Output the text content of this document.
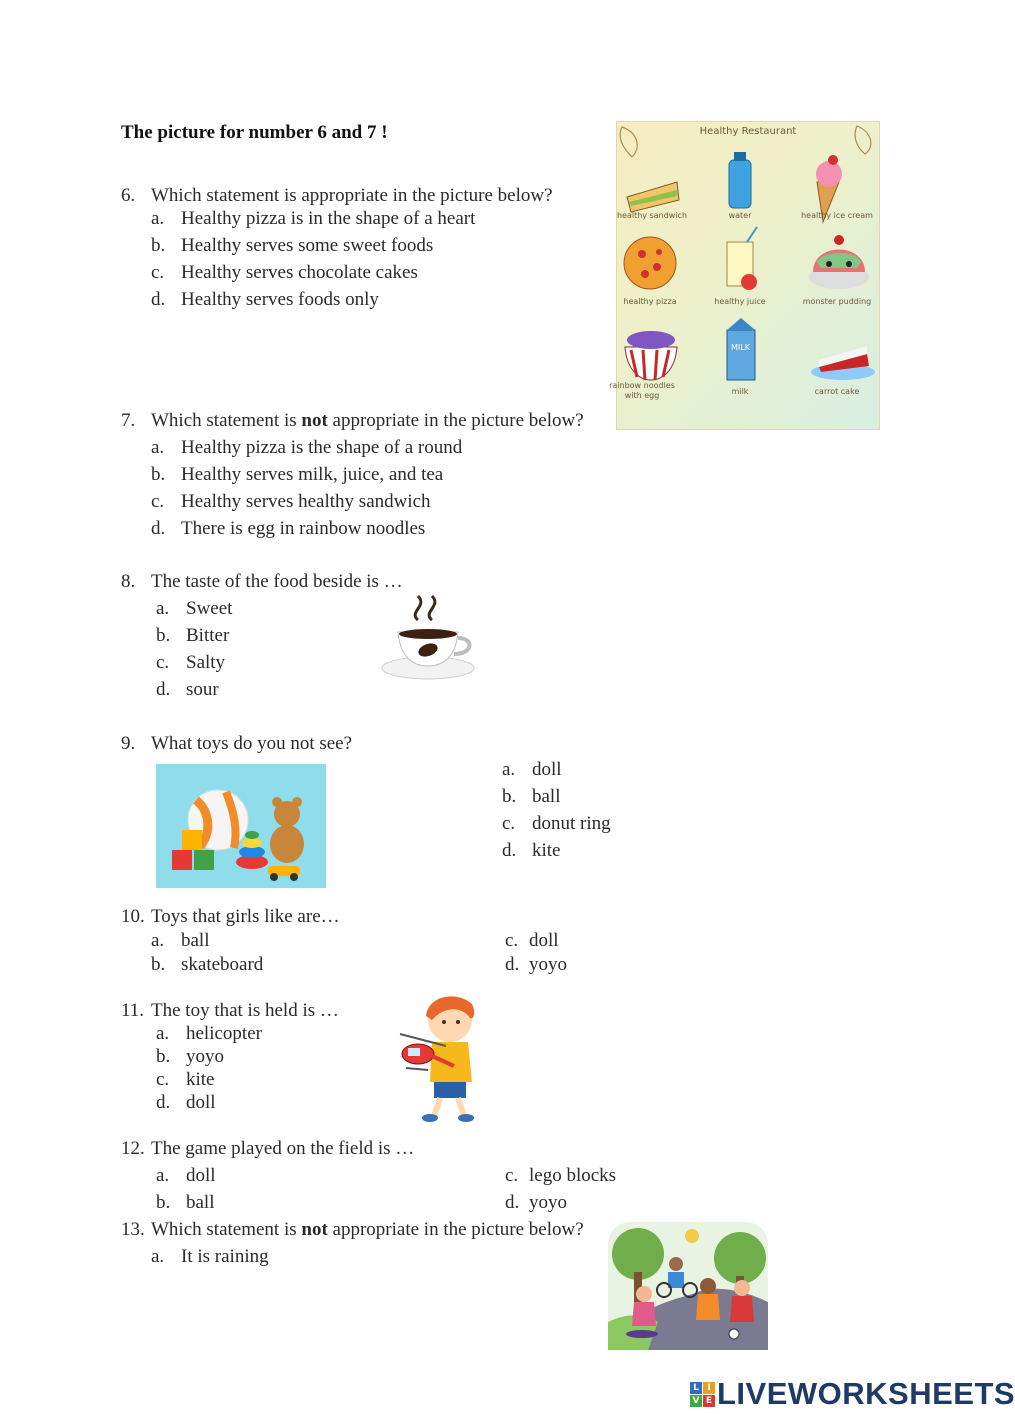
The picture for number 6 and 7 !	Healthy Restaurant
MILK
healthy sandwich	water	healthy ice cream
healthy pizza	healthy juice	monster pudding
rainbow noodles with egg	milk	carrot cake
6. Which statement is appropriate in the picture below?
a. Healthy pizza is in the shape of a heart
b. Healthy serves some sweet foods
c. Healthy serves chocolate cakes
d. Healthy serves foods only
7. Which statement is not appropriate in the picture below?
a. Healthy pizza is the shape of a round
b. Healthy serves milk, juice, and tea
c. Healthy serves healthy sandwich
d. There is egg in rainbow noodles
8. The taste of the food beside is …
a. Sweet
b. Bitter
c. Salty
d. sour
9. What toys do you not see?
a. doll
b. ball
c. donut ring
d. kite
10. Toys that girls like are…
a. ball
b. skateboard
c. doll
d. yoyo
11. The toy that is held is …
a. helicopter
b. yoyo
c. kite
d. doll
12. The game played on the field is …
a. doll
b. ball
c. lego blocks
d. yoyo
13. Which statement is not appropriate in the picture below?
a. It is raining
L I
V E LIVEWORKSHEETS
